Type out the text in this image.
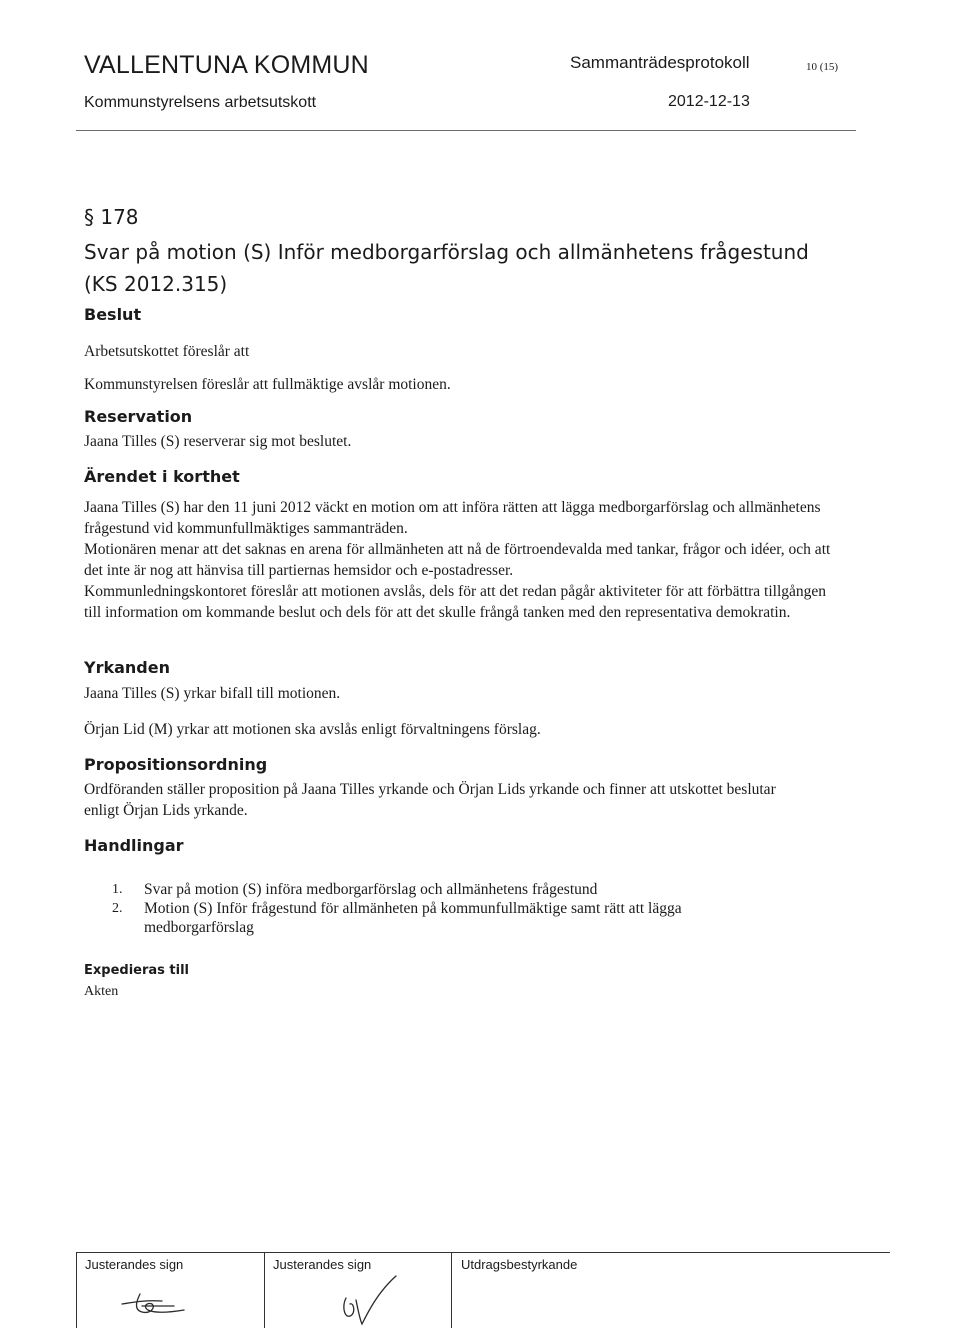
VALLENTUNA KOMMUN
Kommunstyrelsens arbetsutskott
Sammanträdesprotokoll	10 (15)
2012-12-13
§ 178
Svar på motion (S) Inför medborgarförslag och allmänhetens frågestund
(KS 2012.315)
Beslut
Arbetsutskottet föreslår att
Kommunstyrelsen föreslår att fullmäktige avslår motionen.
Reservation
Jaana Tilles (S) reserverar sig mot beslutet.
Ärendet i korthet

Jaana Tilles (S) har den 11 juni 2012 väckt en motion om att införa rätten att lägga medborgarförslag och allmänhetens frågestund vid kommunfullmäktiges sammanträden.

Motionären menar att det saknas en arena för allmänheten att nå de förtroendevalda med tankar, frågor och idéer, och att det inte är nog att hänvisa till partiernas hemsidor och e-postadresser.

Kommunledningskontoret föreslår att motionen avslås, dels för att det redan pågår aktiviteter för att förbättra tillgången till information om kommande beslut och dels för att det skulle frångå tanken med den representativa demokratin.

Yrkanden
Jaana Tilles (S) yrkar bifall till motionen.
Örjan Lid (M) yrkar att motionen ska avslås enligt förvaltningens förslag.
Propositionsordning
Ordföranden ställer proposition på Jaana Tilles yrkande och Örjan Lids yrkande och finner att utskottet beslutar enligt Örjan Lids yrkande.
Handlingar
1. Svar på motion (S) införa medborgarförslag och allmänhetens frågestund
2. Motion (S) Inför frågestund för allmänheten på kommunfullmäktige samt rätt att lägga medborgarförslag
Expedieras till
Akten
Justerandes sign	Justerandes sign	Utdragsbestyrkande
